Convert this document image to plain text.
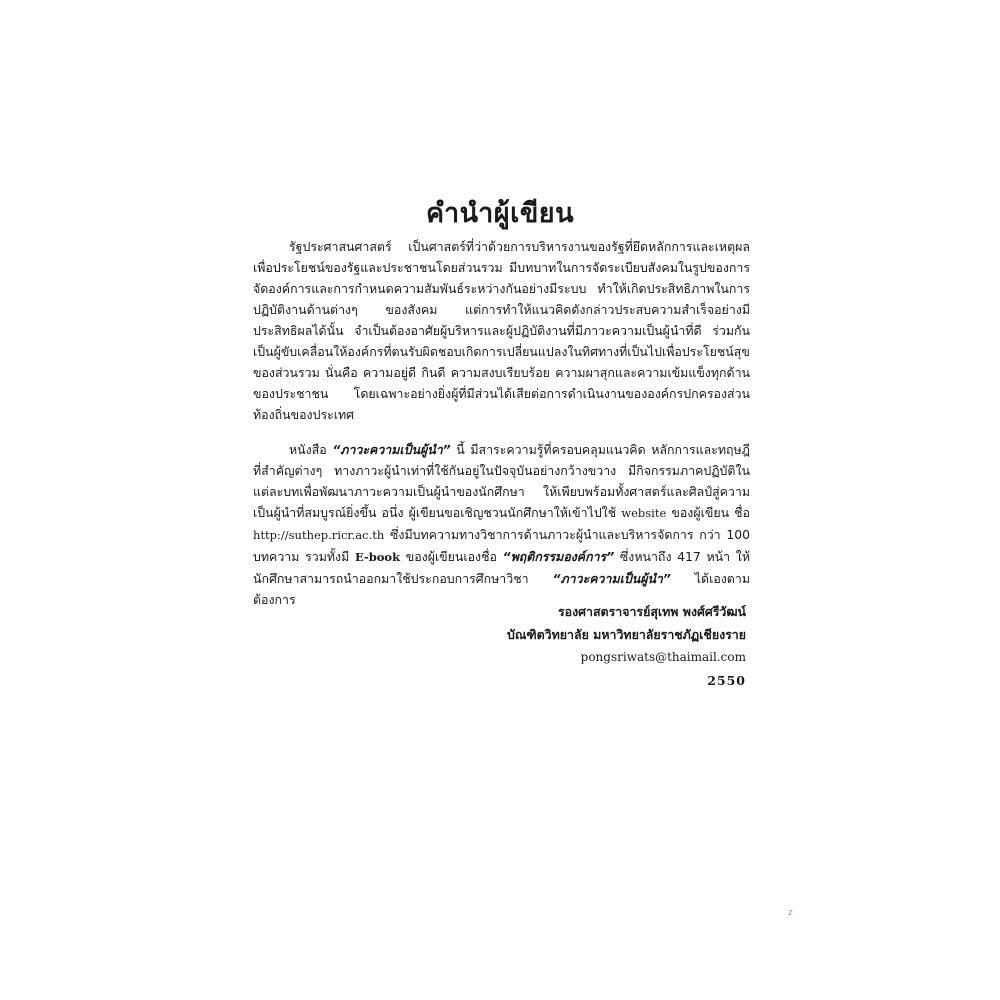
คำนำผู้เขียน

รัฐประศาสนศาสตร์ เป็นศาสตร์ที่ว่าด้วยการบริหารงานของรัฐที่ยึดหลักการและเหตุผลเพื่อประโยชน์ของรัฐและประชาชนโดยส่วนรวม มีบทบาทในการจัดระเบียบสังคมในรูปของการจัดองค์การและการกำหนดความสัมพันธ์ระหว่างกันอย่างมีระบบ ทำให้เกิดประสิทธิภาพในการปฏิบัติงานด้านต่างๆ ของสังคม แต่การทำให้แนวคิดดังกล่าวประสบความสำเร็จอย่างมีประสิทธิผลได้นั้น จำเป็นต้องอาศัยผู้บริหารและผู้ปฏิบัติงานที่มีภาวะความเป็นผู้นำที่ดี ร่วมกันเป็นผู้ขับเคลื่อนให้องค์กรที่ตนรับผิดชอบเกิดการเปลี่ยนแปลงในทิศทางที่เป็นไปเพื่อประโยชน์สุขของส่วนรวม นั่นคือ ความอยู่ดี กินดี ความสงบเรียบร้อย ความผาสุกและความเข้มแข็งทุกด้านของประชาชน โดยเฉพาะอย่างยิ่งผู้ที่มีส่วนได้เสียต่อการดำเนินงานขององค์กรปกครองส่วนท้องถิ่นของประเทศ

หนังสือ “ภาวะความเป็นผู้นำ” นี้ มีสาระความรู้ที่ครอบคลุมแนวคิด หลักการและทฤษฎีที่สำคัญต่างๆ ทางภาวะผู้นำเท่าที่ใช้กันอยู่ในปัจจุบันอย่างกว้างขวาง มีกิจกรรมภาคปฏิบัติในแต่ละบทเพื่อพัฒนาภาวะความเป็นผู้นำของนักศึกษา ให้เพียบพร้อมทั้งศาสตร์และศิลป์สู่ความเป็นผู้นำที่สมบูรณ์ยิ่งขึ้น อนึ่ง ผู้เขียนขอเชิญชวนนักศึกษาให้เข้าไปใช้ website ของผู้เขียน ชื่อ http://suthep.ricr.ac.th ซึ่งมีบทความทางวิชาการด้านภาวะผู้นำและบริหารจัดการ กว่า 100 บทความ รวมทั้งมี E-book ของผู้เขียนเองชื่อ “พฤติกรรมองค์การ” ซึ่งหนาถึง 417 หน้า ให้นักศึกษาสามารถนำออกมาใช้ประกอบการศึกษาวิชา “ภาวะความเป็นผู้นำ” ได้เองตามต้องการ

รองศาสตราจารย์สุเทพ พงศ์ศรีวัฒน์
บัณฑิตวิทยาลัย มหาวิทยาลัยราชภัฏเชียงราย
pongsriwats@thaimail.com
2550
z
